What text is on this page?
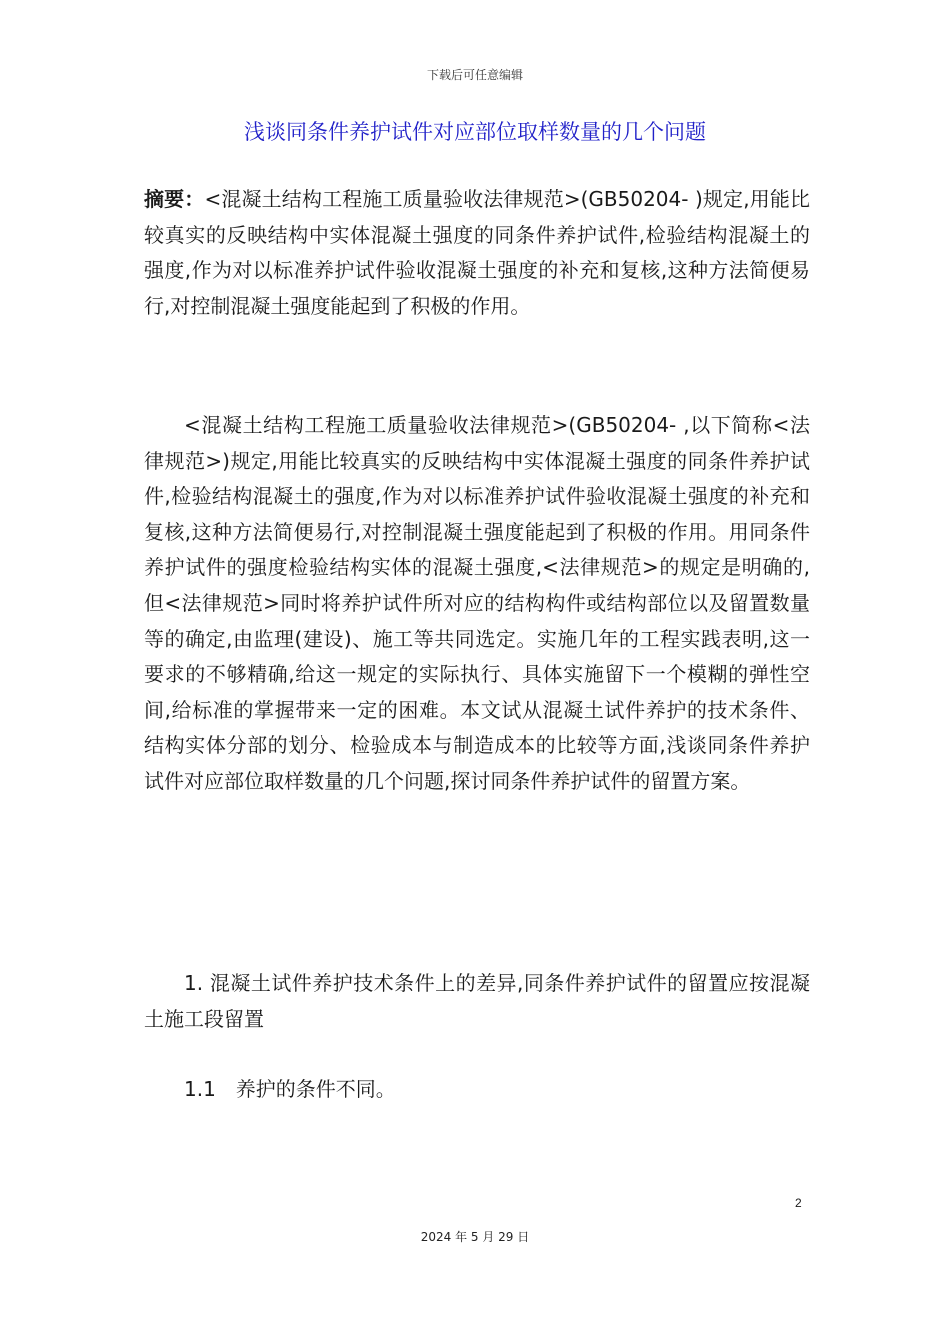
下载后可任意编辑
浅谈同条件养护试件对应部位取样数量的几个问题
摘要：<混凝土结构工程施工质量验收法律规范>(GB50204- )规定,用能比较真实的反映结构中实体混凝土强度的同条件养护试件,检验结构混凝土的强度,作为对以标准养护试件验收混凝土强度的补充和复核,这种方法简便易行,对控制混凝土强度能起到了积极的作用。
<混凝土结构工程施工质量验收法律规范>(GB50204- ,以下简称<法律规范>)规定,用能比较真实的反映结构中实体混凝土强度的同条件养护试件,检验结构混凝土的强度,作为对以标准养护试件验收混凝土强度的补充和复核,这种方法简便易行,对控制混凝土强度能起到了积极的作用。用同条件养护试件的强度检验结构实体的混凝土强度,<法律规范>的规定是明确的,但<法律规范>同时将养护试件所对应的结构构件或结构部位以及留置数量等的确定,由监理(建设)、施工等共同选定。实施几年的工程实践表明,这一要求的不够精确,给这一规定的实际执行、具体实施留下一个模糊的弹性空间,给标准的掌握带来一定的困难。本文试从混凝土试件养护的技术条件、结构实体分部的划分、检验成本与制造成本的比较等方面,浅谈同条件养护试件对应部位取样数量的几个问题,探讨同条件养护试件的留置方案。
1. 混凝土试件养护技术条件上的差异,同条件养护试件的留置应按混凝土施工段留置
1.1　养护的条件不同。
2
2024 年 5 月 29 日
